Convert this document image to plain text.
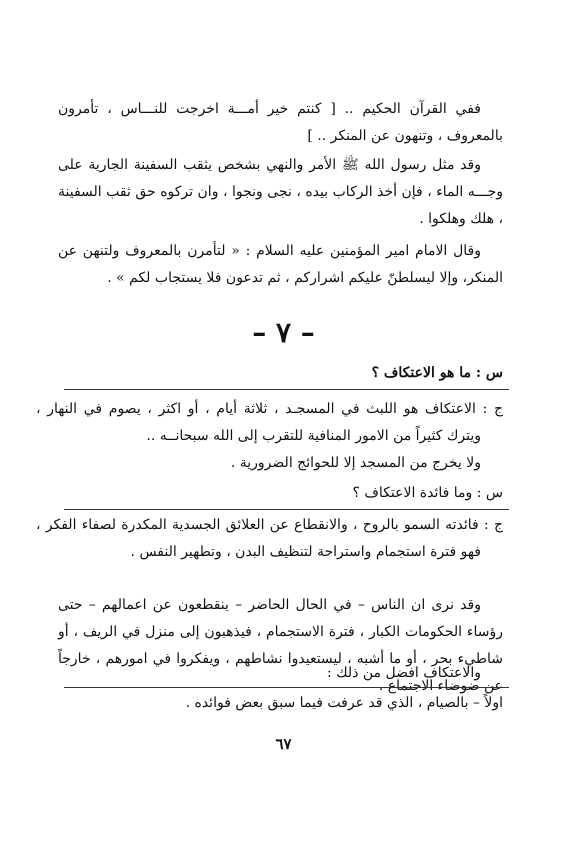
ففي القرآن الحكيم .. [ كنتم خير أمـــة اخرجت للنـــاس ، تأمرون بالمعروف ، وتنهون عن المنكر .. ]

وقد مثل رسول الله ﷺ الأمر والنهي بشخص يثقب السفينة الجارية على وجـــه الماء ، فإن أخذ الركاب بيده ، نجى ونجوا ، وان تركوه حق ثقب السفينة ، هلك وهلكوا .

وقال الامام امير المؤمنين عليه السلام : « لتأمرن بالمعروف ولتنهن عن المنكر، وإلا ليسلطنّ عليكم اشراركم ، ثم تدعون فلا يستجاب لكم » .

– ٧ –

س : ما هو الاعتكاف ؟

ج : الاعتكاف هو اللبث في المسجـد ، ثلاثة أيام ، أو اكثر ، يصوم في النهار ، ويترك كثيراً من الامور المنافية للتقرب إلى الله سبحانــه ..

ولا يخرج من المسجد إلا للحوائج الضرورية .

س : وما فائدة الاعتكاف ؟

ج : فائدته السمو بالروح ، والانقطاع عن العلائق الجسدية المكدرة لصفاء الفكر ، فهو فترة استجمام واستراحة لتنظيف البدن ، وتطهير النفس .

وقد نرى ان الناس – في الحال الحاضر – ينقطعون عن اعمالهم – حتى رؤساء الحكومات الكبار ، فترة الاستجمام ، فيذهبون إلى منزل في الريف ، أو شاطيء بحر ، أو ما أشبه ، ليستعيدوا نشاطهم ، ويفكروا في امورهم ، خارجاً عن ضوضاء الاجتماع .

والاعتكاف افضل من ذلك :

اولاً – بالصيام ، الذي قد عرفت فيما سبق بعض فوائده .

٦٧
